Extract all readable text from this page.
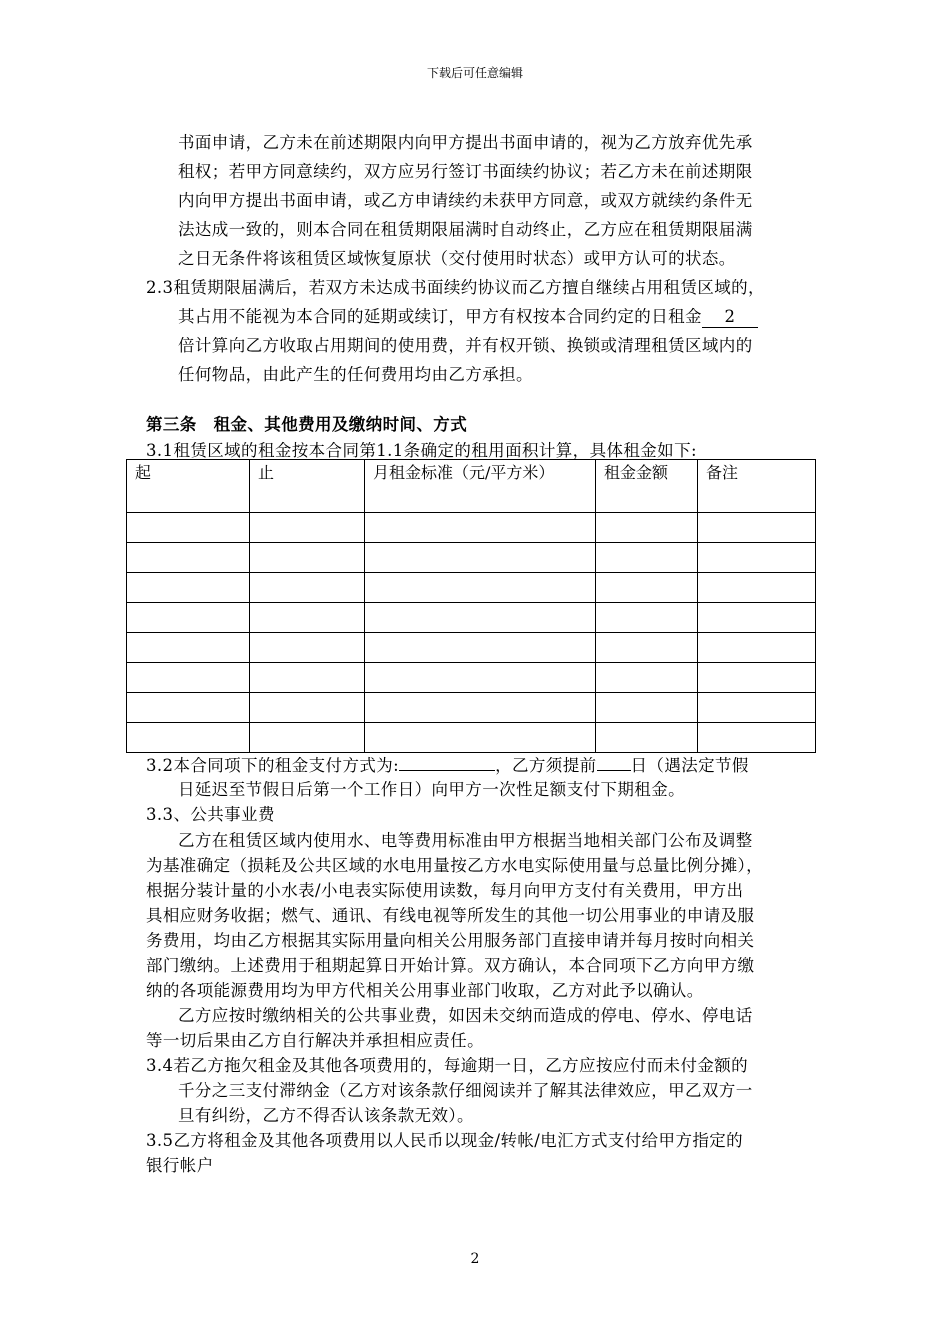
下载后可任意编辑
书面申请，乙方未在前述期限内向甲方提出书面申请的，视为乙方放弃优先承
租权；若甲方同意续约，双方应另行签订书面续约协议；若乙方未在前述期限
内向甲方提出书面申请，或乙方申请续约未获甲方同意，或双方就续约条件无
法达成一致的，则本合同在租赁期限届满时自动终止，乙方应在租赁期限届满
之日无条件将该租赁区域恢复原状（交付使用时状态）或甲方认可的状态。
2.3租赁期限届满后，若双方未达成书面续约协议而乙方擅自继续占用租赁区域的，
其占用不能视为本合同的延期或续订，甲方有权按本合同约定的日租金 2
倍计算向乙方收取占用期间的使用费，并有权开锁、换锁或清理租赁区域内的
任何物品，由此产生的任何费用均由乙方承担。
第三条　租金、其他费用及缴纳时间、方式
3.1租赁区域的租金按本合同第1.1条确定的租用面积计算，具体租金如下:
起	止	月租金标准（元/平方米）	租金金额	备注

3.2本合同项下的租金支付方式为:	，乙方须提前 日（遇法定节假
日延迟至节假日后第一个工作日）向甲方一次性足额支付下期租金。
3.3、公共事业费
乙方在租赁区域内使用水、电等费用标准由甲方根据当地相关部门公布及调整
为基准确定（损耗及公共区域的水电用量按乙方水电实际使用量与总量比例分摊），
根据分装计量的小水表/小电表实际使用读数，每月向甲方支付有关费用，甲方出
具相应财务收据；燃气、通讯、有线电视等所发生的其他一切公用事业的申请及服
务费用，均由乙方根据其实际用量向相关公用服务部门直接申请并每月按时向相关
部门缴纳。上述费用于租期起算日开始计算。双方确认，本合同项下乙方向甲方缴
纳的各项能源费用均为甲方代相关公用事业部门收取，乙方对此予以确认。
乙方应按时缴纳相关的公共事业费，如因未交纳而造成的停电、停水、停电话
等一切后果由乙方自行解决并承担相应责任。
3.4若乙方拖欠租金及其他各项费用的，每逾期一日，乙方应按应付而未付金额的
千分之三支付滞纳金（乙方对该条款仔细阅读并了解其法律效应，甲乙双方一
旦有纠纷，乙方不得否认该条款无效）。
3.5乙方将租金及其他各项费用以人民币以现金/转帐/电汇方式支付给甲方指定的
银行帐户
2
